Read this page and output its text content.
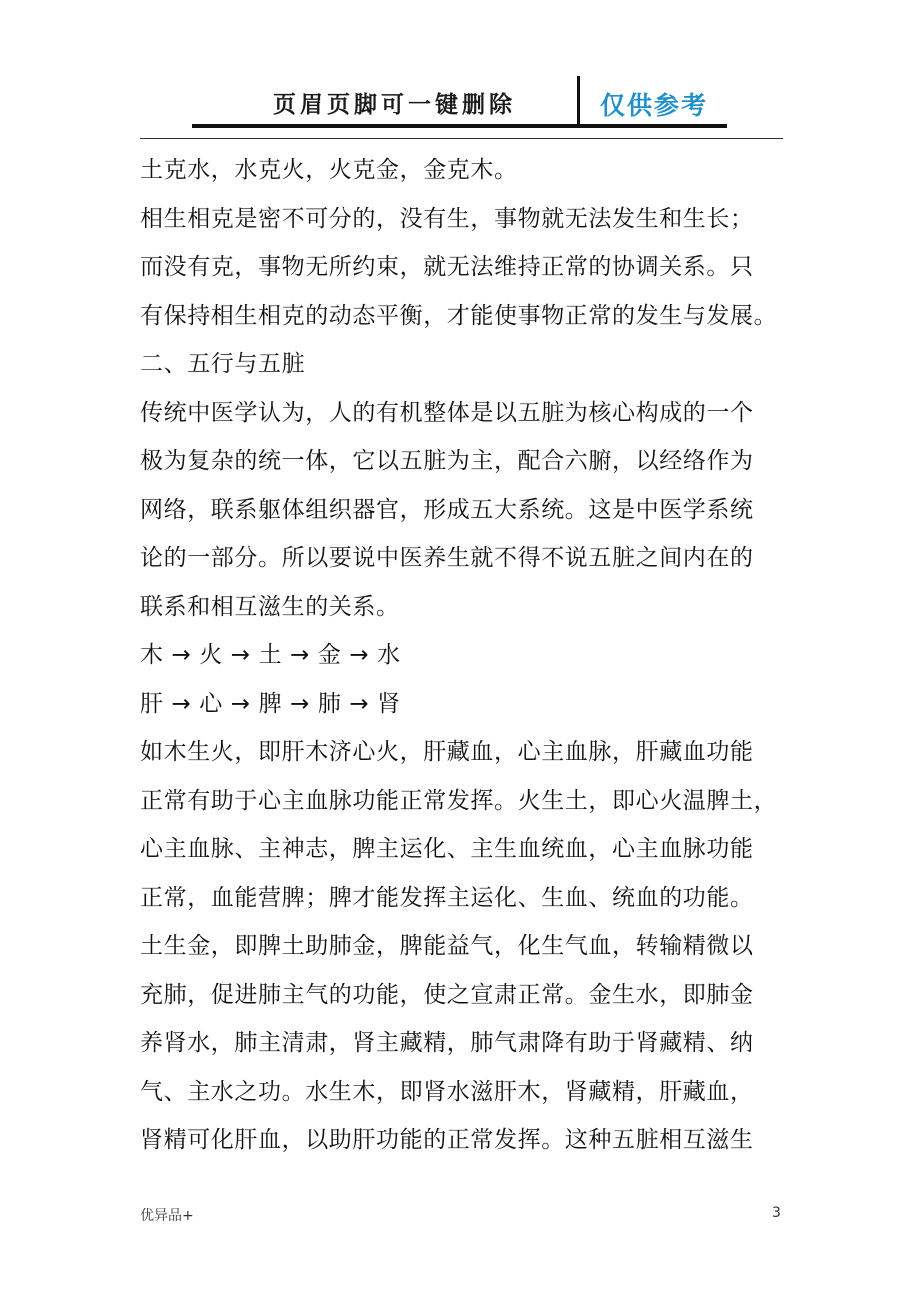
页眉页脚可一键删除	仅供参考
土克水，水克火，火克金，金克木。
相生相克是密不可分的，没有生，事物就无法发生和生长；
而没有克，事物无所约束，就无法维持正常的协调关系。只
有保持相生相克的动态平衡，才能使事物正常的发生与发展。
二、五行与五脏
传统中医学认为，人的有机整体是以五脏为核心构成的一个
极为复杂的统一体，它以五脏为主，配合六腑，以经络作为
网络，联系躯体组织器官，形成五大系统。这是中医学系统
论的一部分。所以要说中医养生就不得不说五脏之间内在的
联系和相互滋生的关系。
木 → 火 → 土 → 金 → 水
肝 → 心 → 脾 → 肺 → 肾
如木生火，即肝木济心火，肝藏血，心主血脉，肝藏血功能
正常有助于心主血脉功能正常发挥。火生土，即心火温脾土，
心主血脉、主神志，脾主运化、主生血统血，心主血脉功能
正常，血能营脾；脾才能发挥主运化、生血、统血的功能。
土生金，即脾土助肺金，脾能益气，化生气血，转输精微以
充肺，促进肺主气的功能，使之宣肃正常。金生水，即肺金
养肾水，肺主清肃，肾主藏精，肺气肃降有助于肾藏精、纳
气、主水之功。水生木，即肾水滋肝木，肾藏精，肝藏血，
肾精可化肝血，以助肝功能的正常发挥。这种五脏相互滋生
优异品+	3
